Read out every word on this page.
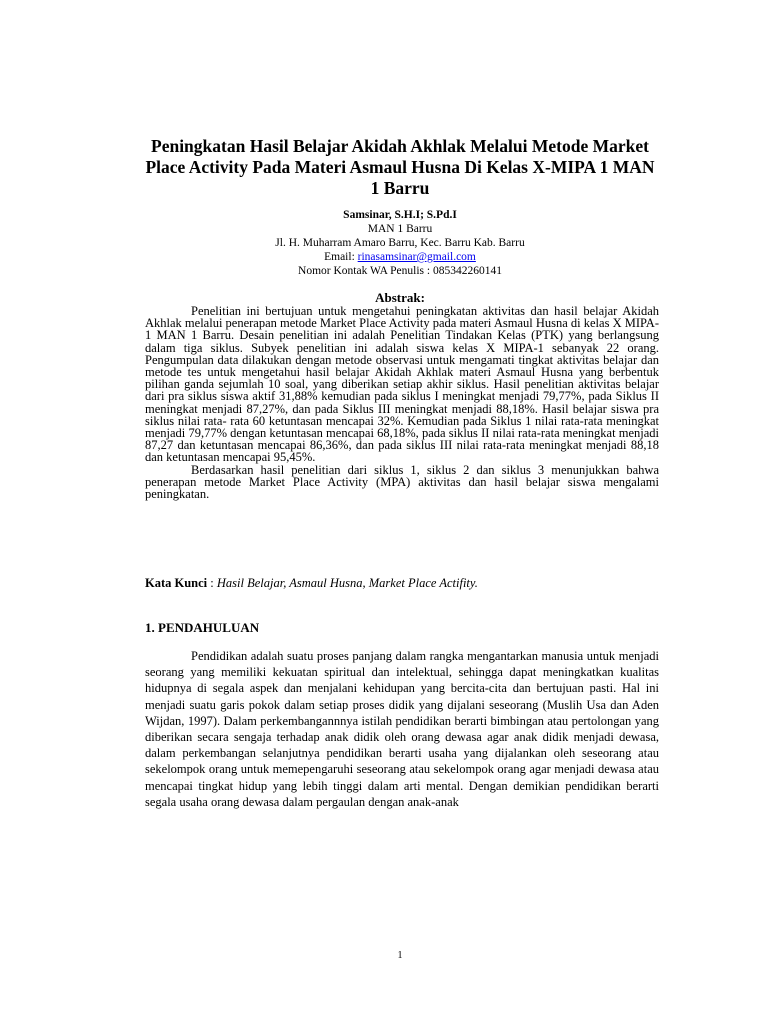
Peningkatan Hasil Belajar Akidah Akhlak Melalui Metode Market Place Activity Pada Materi Asmaul Husna Di Kelas X-MIPA 1 MAN 1 Barru
Samsinar, S.H.I; S.Pd.I
MAN 1 Barru
Jl. H. Muharram Amaro Barru, Kec. Barru Kab. Barru
Email: rinasamsinar@gmail.com
Nomor Kontak WA Penulis : 085342260141
Abstrak:

Penelitian ini bertujuan untuk mengetahui peningkatan aktivitas dan hasil belajar Akidah Akhlak melalui penerapan metode Market Place Activity pada materi Asmaul Husna di kelas X MIPA-1 MAN 1 Barru. Desain penelitian ini adalah Penelitian Tindakan Kelas (PTK) yang berlangsung dalam tiga siklus. Subyek penelitian ini adalah siswa kelas X MIPA-1 sebanyak 22 orang. Pengumpulan data dilakukan dengan metode observasi untuk mengamati tingkat aktivitas belajar dan metode tes untuk mengetahui hasil belajar Akidah Akhlak materi Asmaul Husna yang berbentuk pilihan ganda sejumlah 10 soal, yang diberikan setiap akhir siklus. Hasil penelitian aktivitas belajar dari pra siklus siswa aktif 31,88% kemudian pada siklus I meningkat menjadi 79,77%, pada Siklus II meningkat menjadi 87,27%, dan pada Siklus III meningkat menjadi 88,18%. Hasil belajar siswa pra siklus nilai rata- rata 60 ketuntasan mencapai 32%. Kemudian pada Siklus 1 nilai rata-rata meningkat menjadi 79,77% dengan ketuntasan mencapai 68,18%, pada siklus II nilai rata-rata meningkat menjadi 87,27 dan ketuntasan mencapai 86,36%, dan pada siklus III nilai rata-rata meningkat menjadi 88,18 dan ketuntasan mencapai 95,45%.

Berdasarkan hasil penelitian dari siklus 1, siklus 2 dan siklus 3 menunjukkan bahwa penerapan metode Market Place Activity (MPA) aktivitas dan hasil belajar siswa mengalami peningkatan.

Kata Kunci : Hasil Belajar, Asmaul Husna, Market Place Actifity.
1. PENDAHULUAN

Pendidikan adalah suatu proses panjang dalam rangka mengantarkan manusia untuk menjadi seorang yang memiliki kekuatan spiritual dan intelektual, sehingga dapat meningkatkan kualitas hidupnya di segala aspek dan menjalani kehidupan yang bercita-cita dan bertujuan pasti. Hal ini menjadi suatu garis pokok dalam setiap proses didik yang dijalani seseorang (Muslih Usa dan Aden Wijdan, 1997). Dalam perkembangannnya istilah pendidikan berarti bimbingan atau pertolongan yang diberikan secara sengaja terhadap anak didik oleh orang dewasa agar anak didik menjadi dewasa, dalam perkembangan selanjutnya pendidikan berarti usaha yang dijalankan oleh seseorang atau sekelompok orang untuk memepengaruhi seseorang atau sekelompok orang agar menjadi dewasa atau mencapai tingkat hidup yang lebih tinggi dalam arti mental. Dengan demikian pendidikan berarti segala usaha orang dewasa dalam pergaulan dengan anak-anak

1
